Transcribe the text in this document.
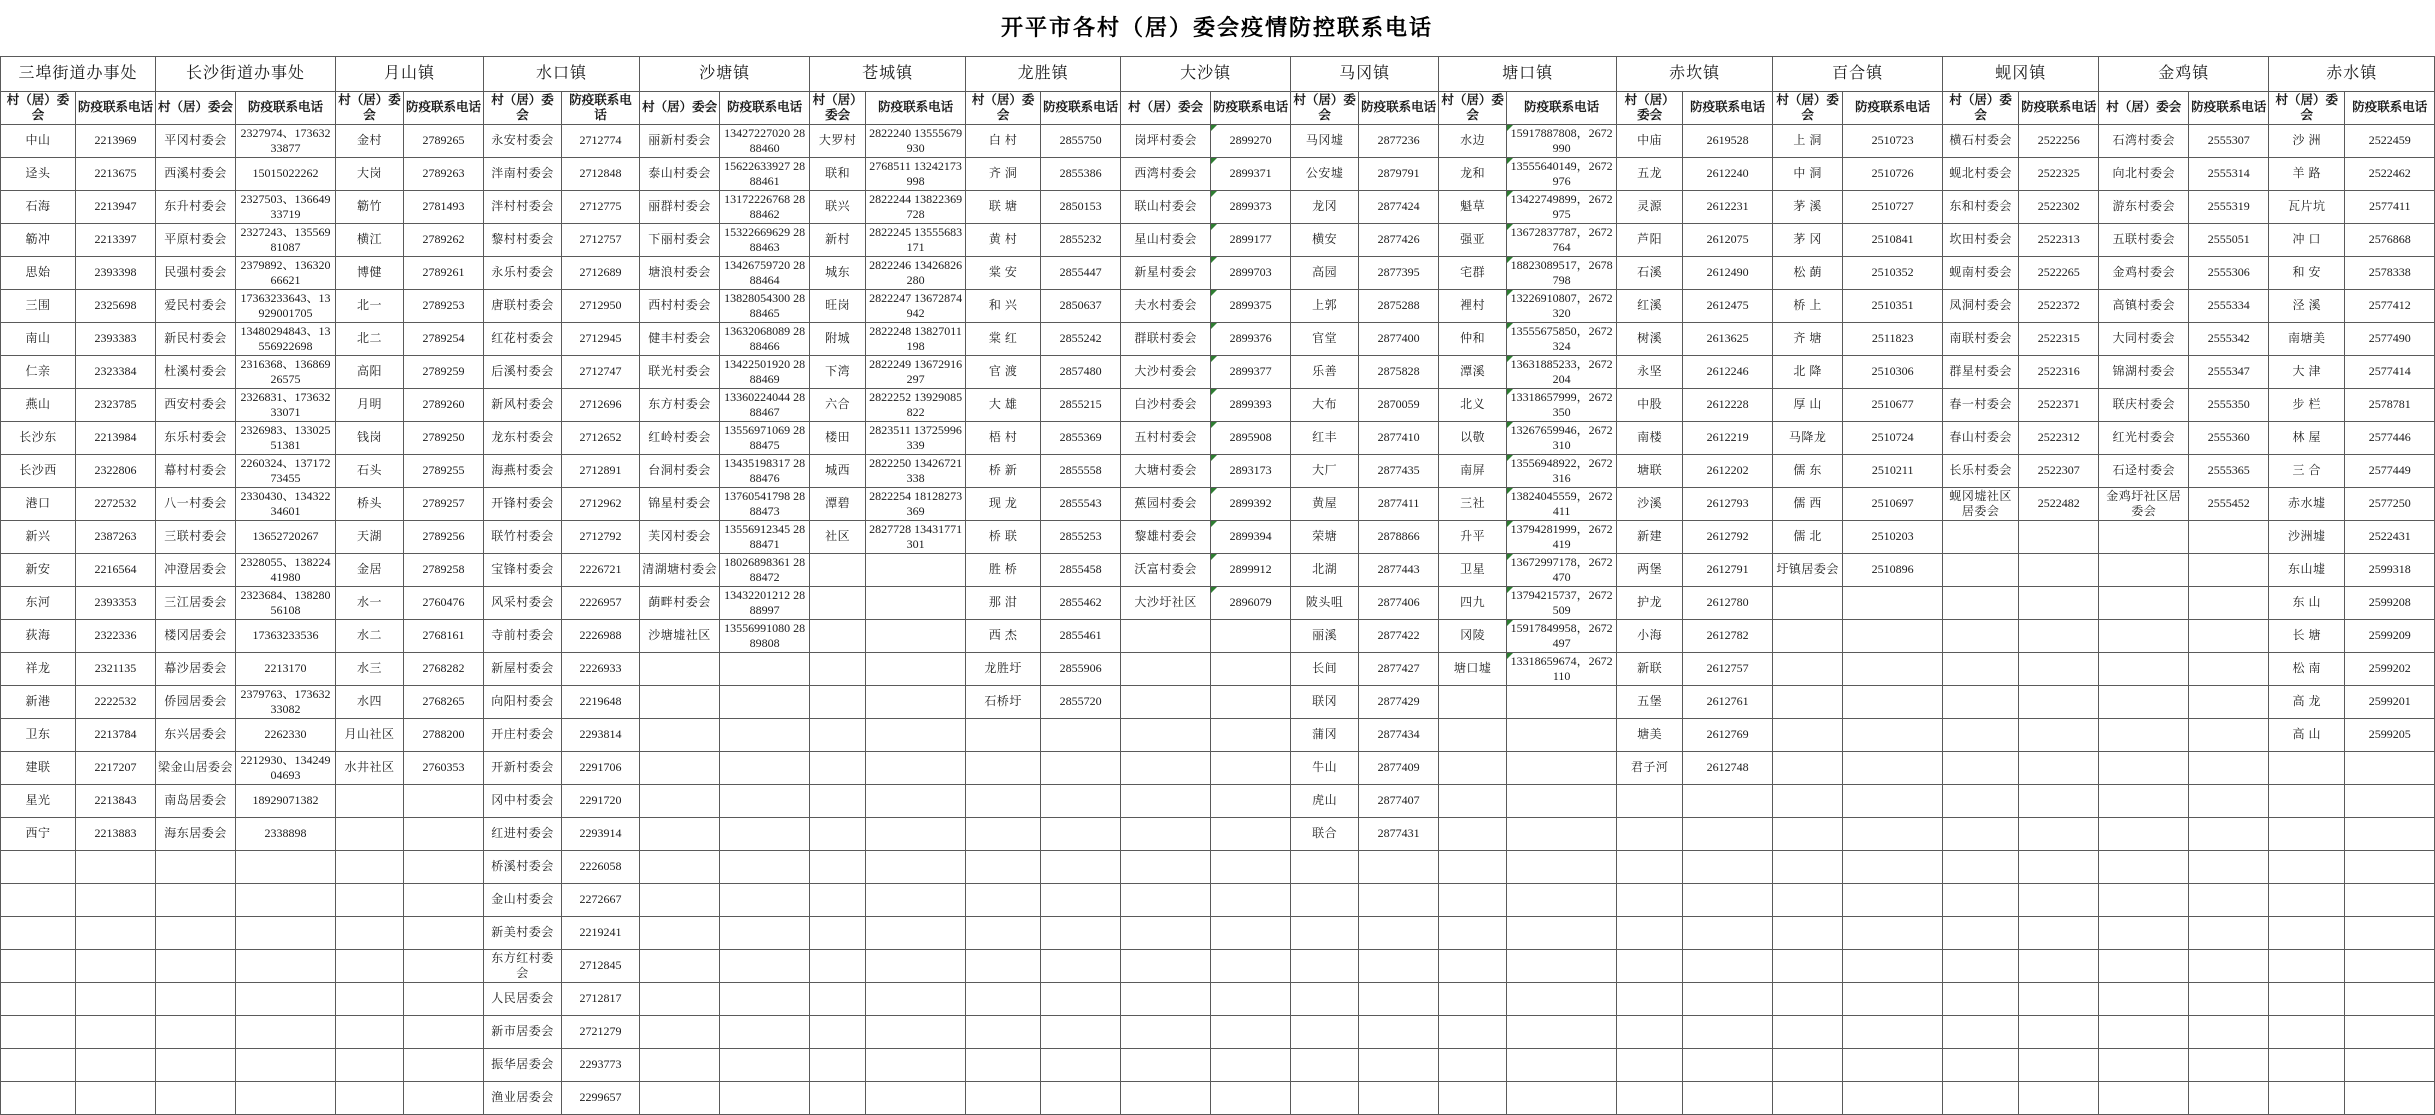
开平市各村（居）委会疫情防控联系电话
三埠街道办事处		长沙街道办事处		月山镇		水口镇		沙塘镇		苍城镇		龙胜镇		大沙镇		马冈镇		塘口镇		赤坎镇		百合镇		蚬冈镇		金鸡镇		赤水镇	
村（居）委会	防疫联系电话	村（居）委会	防疫联系电话	村（居）委会	防疫联系电话	村（居）委会	防疫联系电话	村（居）委会	防疫联系电话	村（居）委会	防疫联系电话	村（居）委会	防疫联系电话	村（居）委会	防疫联系电话	村（居）委会	防疫联系电话	村（居）委会	防疫联系电话	村（居）委会	防疫联系电话	村（居）委会	防疫联系电话	村（居）委会	防疫联系电话	村（居）委会	防疫联系电话	村（居）委会	防疫联系电话
中山	2213969	平冈村委会	2327974、17363233877	金村	2789265	永安村委会	2712774	丽新村委会	13427227020 2888460	大罗村	2822240 13555679930	白 村	2855750	岗坪村委会	2899270	马冈墟	2877236	水边	15917887808，2672990	中庙	2619528	上 洞	2510723	横石村委会	2522256	石湾村委会	2555307	沙 洲	2522459
迳头	2213675	西溪村委会	15015022262	大岗	2789263	泮南村委会	2712848	泰山村委会	15622633927 2888461	联和	2768511 13242173998	齐 洞	2855386	西湾村委会	2899371	公安墟	2879791	龙和	13555640149，2672976	五龙	2612240	中 洞	2510726	蚬北村委会	2522325	向北村委会	2555314	羊 路	2522462
石海	2213947	东升村委会	2327503、13664933719	簕竹	2781493	泮村村委会	2712775	丽群村委会	13172226768 2888462	联兴	2822244 13822369728	联 塘	2850153	联山村委会	2899373	龙冈	2877424	魁草	13422749899，2672975	灵源	2612231	茅 溪	2510727	东和村委会	2522302	游东村委会	2555319	瓦片坑	2577411
簕冲	2213397	平原村委会	2327243、13556981087	横江	2789262	黎村村委会	2712757	下丽村委会	15322669629 2888463	新村	2822245 13555683171	黄 村	2855232	星山村委会	2899177	横安	2877426	强亚	13672837787，2672764	芦阳	2612075	茅 冈	2510841	坎田村委会	2522313	五联村委会	2555051	冲 口	2576868
思始	2393398	民强村委会	2379892、13632066621	博健	2789261	永乐村委会	2712689	塘浪村委会	13426759720 2888464	城东	2822246 13426826280	棠 安	2855447	新星村委会	2899703	高园	2877395	宅群	18823089517，2678798	石溪	2612490	松 蓢	2510352	蚬南村委会	2522265	金鸡村委会	2555306	和 安	2578338
三围	2325698	爱民村委会	17363233643、13929001705	北一	2789253	唐联村委会	2712950	西村村委会	13828054300 2888465	旺岗	2822247 13672874942	和 兴	2850637	夫水村委会	2899375	上郭	2875288	裡村	13226910807，2672320	红溪	2612475	桥 上	2510351	凤洞村委会	2522372	高镇村委会	2555334	泾 溪	2577412
南山	2393383	新民村委会	13480294843、13556922698	北二	2789254	红花村委会	2712945	健丰村委会	13632068089 2888466	附城	2822248 13827011198	棠 红	2855242	群联村委会	2899376	官堂	2877400	仲和	13555675850，2672324	树溪	2613625	齐 塘	2511823	南联村委会	2522315	大同村委会	2555342	南塘美	2577490
仁亲	2323384	杜溪村委会	2316368、13686926575	高阳	2789259	后溪村委会	2712747	联光村委会	13422501920 2888469	下湾	2822249 13672916297	官 渡	2857480	大沙村委会	2899377	乐善	2875828	潭溪	13631885233，2672204	永坚	2612246	北 降	2510306	群星村委会	2522316	锦湖村委会	2555347	大 津	2577414
燕山	2323785	西安村委会	2326831、17363233071	月明	2789260	新风村委会	2712696	东方村委会	13360224044 2888467	六合	2822252 13929085822	大 雄	2855215	白沙村委会	2899393	大布	2870059	北义	13318657999，2672350	中股	2612228	厚 山	2510677	春一村委会	2522371	联庆村委会	2555350	步 栏	2578781
长沙东	2213984	东乐村委会	2326983、13302551381	钱岗	2789250	龙东村委会	2712652	红岭村委会	13556971069 2888475	楼田	2823511 13725996339	梧 村	2855369	五村村委会	2895908	红丰	2877410	以敬	13267659946，2672310	南楼	2612219	马降龙	2510724	春山村委会	2522312	红光村委会	2555360	林 屋	2577446
长沙西	2322806	幕村村委会	2260324、13717273455	石头	2789255	海燕村委会	2712891	台洞村委会	13435198317 2888476	城西	2822250 13426721338	桥 新	2855558	大塘村委会	2893173	大厂	2877435	南屏	13556948922，2672316	塘联	2612202	儒 东	2510211	长乐村委会	2522307	石迳村委会	2555365	三 合	2577449
港口	2272532	八一村委会	2330430、13432234601	桥头	2789257	开锋村委会	2712962	锦星村委会	13760541798 2888473	潭碧	2822254 18128273369	现 龙	2855543	蕉园村委会	2899392	黄屋	2877411	三社	13824045559，2672411	沙溪	2612793	儒 西	2510697	蚬冈墟社区居委会	2522482	金鸡圩社区居委会	2555452	赤水墟	2577250
新兴	2387263	三联村委会	13652720267	天湖	2789256	联竹村委会	2712792	芙冈村委会	13556912345 2888471	社区	2827728 13431771301	桥 联	2855253	黎雄村委会	2899394	荣塘	2878866	升平	13794281999，2672419	新建	2612792	儒 北	2510203					沙洲墟	2522431
新安	2216564	冲澄居委会	2328055、13822441980	金居	2789258	宝锋村委会	2226721	清湖塘村委会	18026898361 2888472			胜 桥	2855458	沃富村委会	2899912	北湖	2877443	卫星	13672997178，2672470	两堡	2612791	圩镇居委会	2510896					东山墟	2599318
东河	2393353	三江居委会	2323684、13828056108	水一	2760476	风采村委会	2226957	蓢畔村委会	13432201212 2888997			那 泔	2855462	大沙圩社区	2896079	陂头咀	2877406	四九	13794215737，2672509	护龙	2612780							东 山	2599208
荻海	2322336	楼冈居委会	17363233536	水二	2768161	寺前村委会	2226988	沙塘墟社区	13556991080 2889808			西 杰	2855461			丽溪	2877422	冈陵	15917849958，2672497	小海	2612782							长 塘	2599209
祥龙	2321135	幕沙居委会	2213170	水三	2768282	新屋村委会	2226933					龙胜圩	2855906			长间	2877427	塘口墟	13318659674，2672110	新联	2612757							松 南	2599202
新港	2222532	侨园居委会	2379763、17363233082	水四	2768265	向阳村委会	2219648					石桥圩	2855720			联冈	2877429			五堡	2612761							高 龙	2599201
卫东	2213784	东兴居委会	2262330	月山社区	2788200	开庄村委会	2293814									蒲冈	2877434			塘美	2612769							高 山	2599205
建联	2217207	梁金山居委会	2212930、13424904693	水井社区	2760353	开新村委会	2291706									牛山	2877409			君子河	2612748								
星光	2213843	南岛居委会	18929071382			冈中村委会	2291720									虎山	2877407												
西宁	2213883	海东居委会	2338898			红进村委会	2293914									联合	2877431												
						桥溪村委会	2226058																						
						金山村委会	2272667																						
						新美村委会	2219241																						
						东方红村委会	2712845																						
						人民居委会	2712817																						
						新市居委会	2721279																						
						振华居委会	2293773																						
						渔业居委会	2299657																						
